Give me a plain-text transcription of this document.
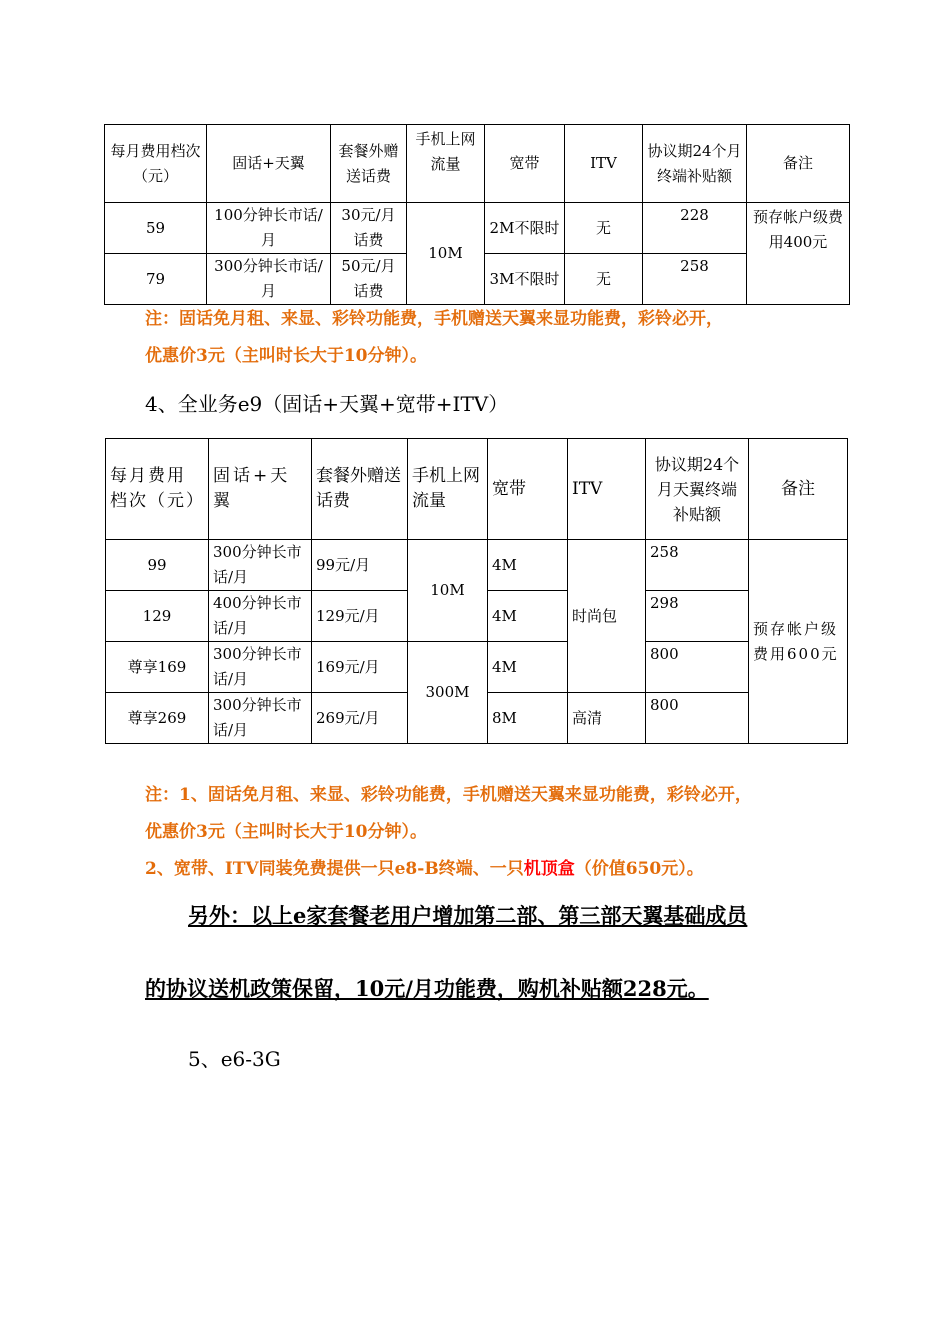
每月费用档次（元）	固话+天翼	套餐外赠送话费	手机上网流量	宽带	ITV	协议期24个月终端补贴额	备注
59	100分钟长市话/月	30元/月话费	10M	2M不限时	无	228	预存帐户级费用400元
79	300分钟长市话/月	50元/月话费		3M不限时	无	258	
注：固话免月租、来显、彩铃功能费，手机赠送天翼来显功能费，彩铃必开，
优惠价3元（主叫时长大于10分钟）。
4、全业务e9（固话+天翼+宽带+ITV）
每月费用档次（元）	固话+天翼	套餐外赠送话费	手机上网流量	宽带	ITV	协议期24个月天翼终端补贴额	备注
99	300分钟长市话/月	99元/月	10M	4M	时尚包	258	预存帐户级费用600元
129	400分钟长市话/月	129元/月		4M		298	
尊享169	300分钟长市话/月	169元/月	300M	4M		800	
尊享269	300分钟长市话/月	269元/月		8M	高清	800	
注：1、固话免月租、来显、彩铃功能费，手机赠送天翼来显功能费，彩铃必开，
优惠价3元（主叫时长大于10分钟）。
2、宽带、ITV同装免费提供一只e8-B终端、一只机顶盒（价值650元）。
另外：以上e家套餐老用户增加第二部、第三部天翼基础成员
的协议送机政策保留，10元/月功能费，购机补贴额228元。
5、e6-3G
